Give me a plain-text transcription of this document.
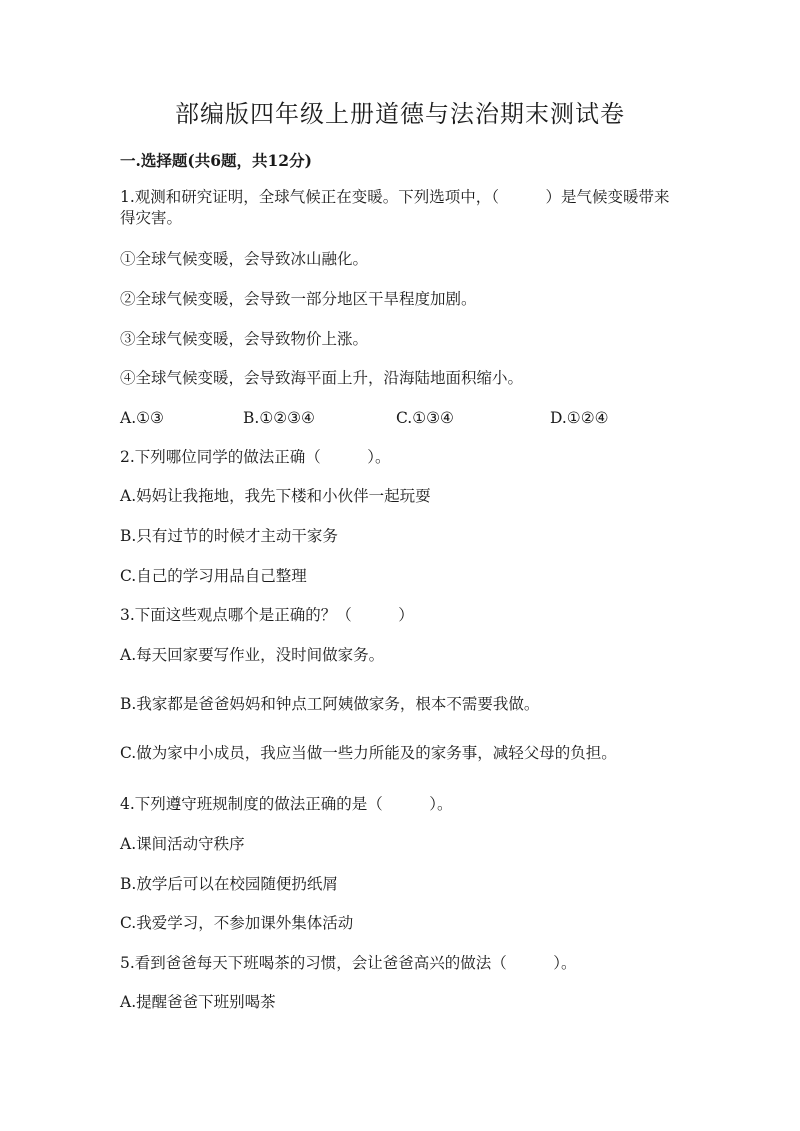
部编版四年级上册道德与法治期末测试卷
一.选择题(共6题，共12分)
1.观测和研究证明，全球气候正在变暖。下列选项中，（　　　）是气候变暖带来得灾害。
①全球气候变暖，会导致冰山融化。
②全球气候变暖，会导致一部分地区干旱程度加剧。
③全球气候变暖，会导致物价上涨。
④全球气候变暖，会导致海平面上升，沿海陆地面积缩小。
A.①③	B.①②③④	C.①③④	D.①②④
2.下列哪位同学的做法正确（　　　）。
A.妈妈让我拖地，我先下楼和小伙伴一起玩耍
B.只有过节的时候才主动干家务
C.自己的学习用品自己整理
3.下面这些观点哪个是正确的？（　　　）
A.每天回家要写作业，没时间做家务。
B.我家都是爸爸妈妈和钟点工阿姨做家务，根本不需要我做。
C.做为家中小成员，我应当做一些力所能及的家务事，减轻父母的负担。
4.下列遵守班规制度的做法正确的是（　　　）。
A.课间活动守秩序
B.放学后可以在校园随便扔纸屑
C.我爱学习，不参加课外集体活动
5.看到爸爸每天下班喝茶的习惯，会让爸爸高兴的做法（　　　）。
A.提醒爸爸下班别喝茶
